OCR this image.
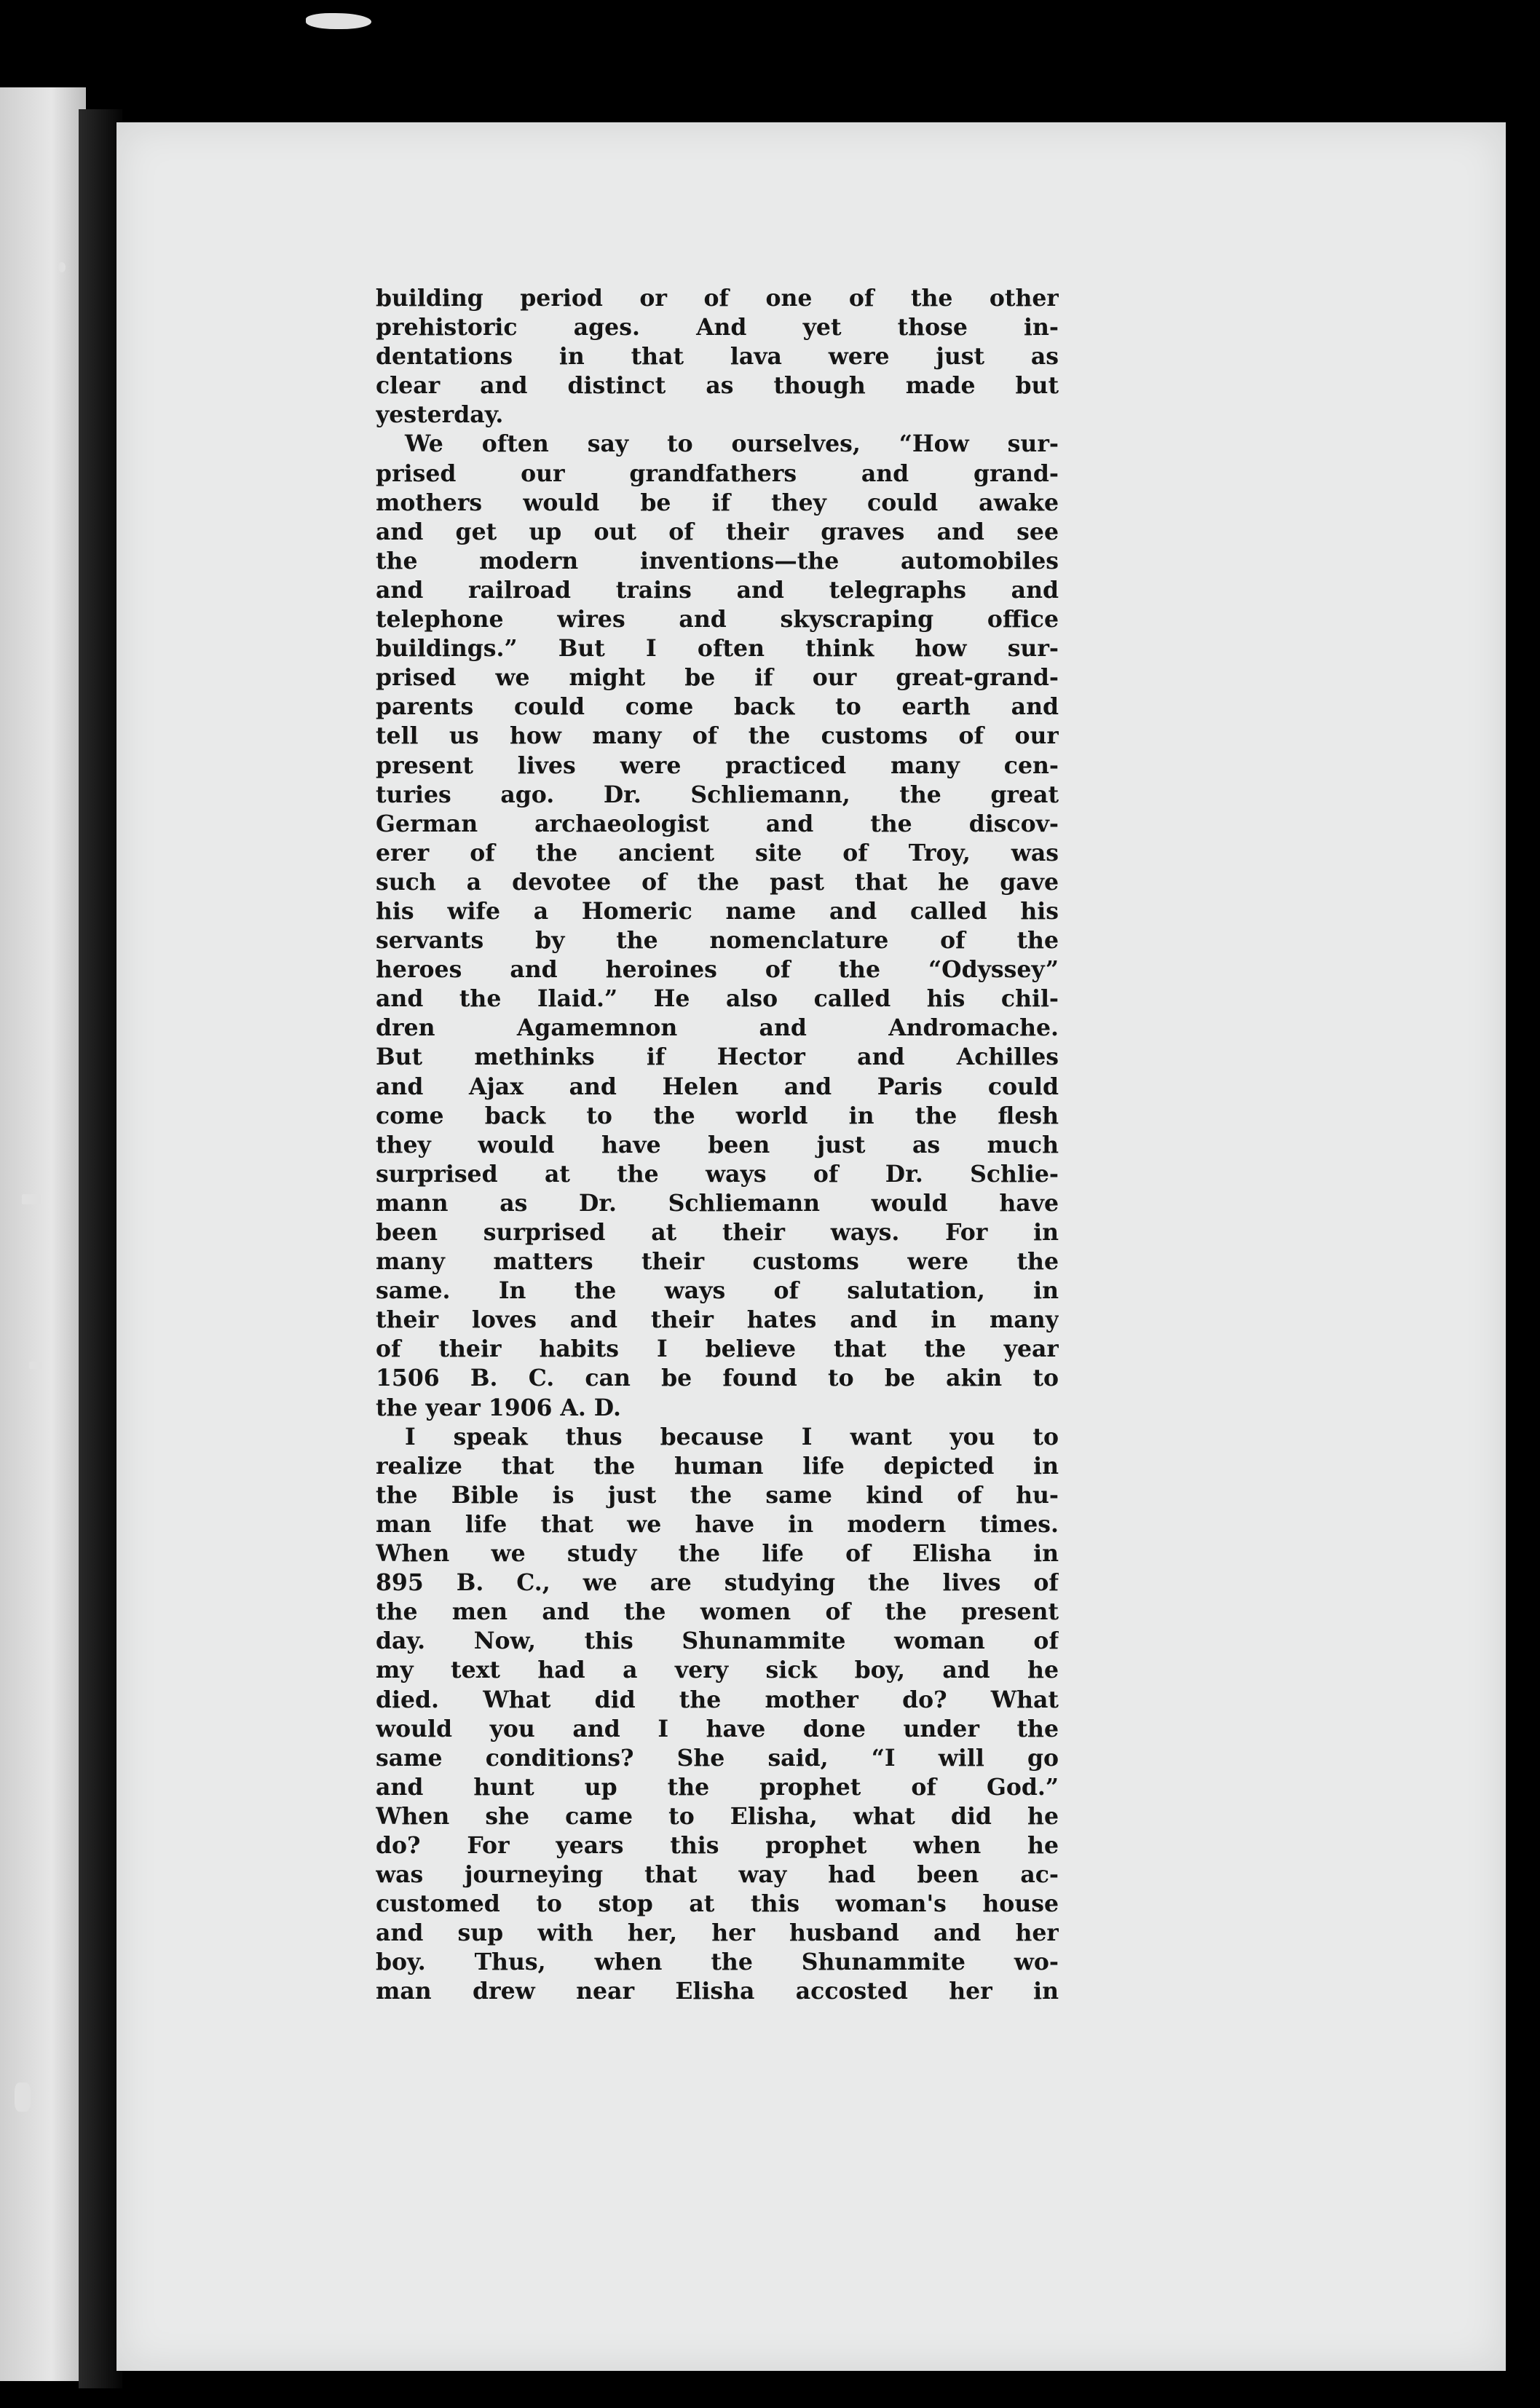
building period or of one of the other
prehistoric ages. And yet those in-
dentations in that lava were just as
clear and distinct as though made but
yesterday.
We often say to ourselves, “How sur-
prised our grandfathers and grand-
mothers would be if they could awake
and get up out of their graves and see
the modern inventions—the automobiles
and railroad trains and telegraphs and
telephone wires and skyscraping office
buildings.” But I often think how sur-
prised we might be if our great-grand-
parents could come back to earth and
tell us how many of the customs of our
present lives were practiced many cen-
turies ago. Dr. Schliemann, the great
German archaeologist and the discov-
erer of the ancient site of Troy, was
such a devotee of the past that he gave
his wife a Homeric name and called his
servants by the nomenclature of the
heroes and heroines of the “Odyssey”
and the Ilaid.” He also called his chil-
dren Agamemnon and Andromache.
But methinks if Hector and Achilles
and Ajax and Helen and Paris could
come back to the world in the flesh
they would have been just as much
surprised at the ways of Dr. Schlie-
mann as Dr. Schliemann would have
been surprised at their ways. For in
many matters their customs were the
same. In the ways of salutation, in
their loves and their hates and in many
of their habits I believe that the year
1506 B. C. can be found to be akin to
the year 1906 A. D.
I speak thus because I want you to
realize that the human life depicted in
the Bible is just the same kind of hu-
man life that we have in modern times.
When we study the life of Elisha in
895 B. C., we are studying the lives of
the men and the women of the present
day. Now, this Shunammite woman of
my text had a very sick boy, and he
died. What did the mother do? What
would you and I have done under the
same conditions? She said, “I will go
and hunt up the prophet of God.”
When she came to Elisha, what did he
do? For years this prophet when he
was journeying that way had been ac-
customed to stop at this woman's house
and sup with her, her husband and her
boy. Thus, when the Shunammite wo-
man drew near Elisha accosted her in
